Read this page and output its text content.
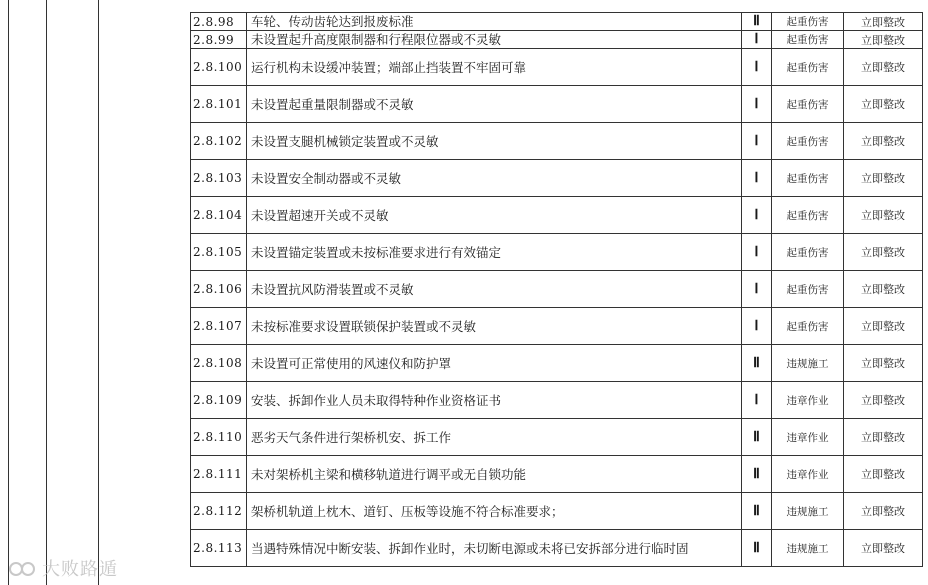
2.8.98	车轮、传动齿轮达到报废标准	Ⅱ	起重伤害	立即整改

2.8.99	未设置起升高度限制器和行程限位器或不灵敏	Ⅰ	起重伤害	立即整改

2.8.100	运行机构未设缓冲装置；端部止挡装置不牢固可靠	Ⅰ	起重伤害	立即整改

2.8.101	未设置起重量限制器或不灵敏	Ⅰ	起重伤害	立即整改

2.8.102	未设置支腿机械锁定装置或不灵敏	Ⅰ	起重伤害	立即整改

2.8.103	未设置安全制动器或不灵敏	Ⅰ	起重伤害	立即整改

2.8.104	未设置超速开关或不灵敏	Ⅰ	起重伤害	立即整改

2.8.105	未设置锚定装置或未按标准要求进行有效锚定	Ⅰ	起重伤害	立即整改

2.8.106	未设置抗风防滑装置或不灵敏	Ⅰ	起重伤害	立即整改

2.8.107	未按标准要求设置联锁保护装置或不灵敏	Ⅰ	起重伤害	立即整改

2.8.108	未设置可正常使用的风速仪和防护罩	Ⅱ	违规施工	立即整改

2.8.109	安装、拆卸作业人员未取得特种作业资格证书	Ⅰ	违章作业	立即整改

2.8.110	恶劣天气条件进行架桥机安、拆工作	Ⅱ	违章作业	立即整改

2.8.111	未对架桥机主梁和横移轨道进行调平或无自锁功能	Ⅱ	违章作业	立即整改

2.8.112	架桥机轨道上枕木、道钉、压板等设施不符合标准要求；	Ⅱ	违规施工	立即整改

2.8.113	当遇特殊情况中断安装、拆卸作业时，未切断电源或未将已安拆部分进行临时固	Ⅱ	违规施工	立即整改
大败路遁
